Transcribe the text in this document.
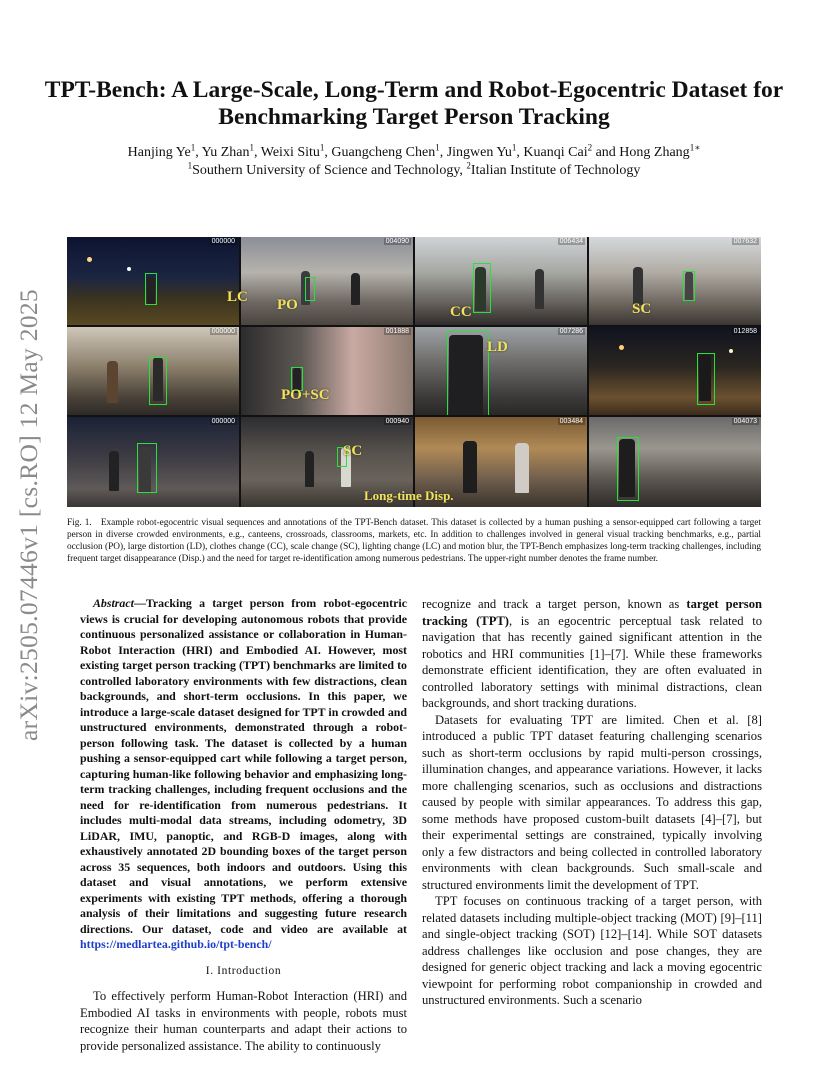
arXiv:2505.07446v1 [cs.RO] 12 May 2025
TPT-Bench: A Large-Scale, Long-Term and Robot-Egocentric Dataset for Benchmarking Target Person Tracking
Hanjing Ye$^1$, Yu Zhan$^1$, Weixi Situ$^1$, Guangcheng Chen$^1$, Jingwen Yu$^1$, Kuanqi Cai$^2$ and Hong Zhang$^{1∗}$
$^1$Southern University of Science and Technology, $^2$Italian Institute of Technology
000000	004090	006434	007632
000000	001888	007286	012858
000000	000940	003484	004073
LC PO	CC	SC
LD
PO+SC
SC
Long-time Disp.
Fig. 1. Example robot-egocentric visual sequences and annotations of the TPT-Bench dataset. This dataset is collected by a human pushing a sensor-equipped cart following a target person in diverse crowded environments, e.g., canteens, crossroads, classrooms, markets, etc. In addition to challenges involved in general visual tracking benchmarks, e.g., partial occlusion (PO), large distortion (LD), clothes change (CC), scale change (SC), lighting change (LC) and motion blur, the TPT-Bench emphasizes long-term tracking challenges, including frequent target disappearance (Disp.) and the need for target re-identification among numerous pedestrians. The upper-right number denotes the frame number.
Abstract—Tracking a target person from robot-egocentric views is crucial for developing autonomous robots that provide continuous personalized assistance or collaboration in Human-Robot Interaction (HRI) and Embodied AI. However, most existing target person tracking (TPT) benchmarks are limited to controlled laboratory environments with few distractions, clean backgrounds, and short-term occlusions. In this paper, we introduce a large-scale dataset designed for TPT in crowded and unstructured environments, demonstrated through a robot-person following task. The dataset is collected by a human pushing a sensor-equipped cart while following a target person, capturing human-like following behavior and emphasizing long-term tracking challenges, including frequent occlusions and the need for re-identification from numerous pedestrians. It includes multi-modal data streams, including odometry, 3D LiDAR, IMU, panoptic, and RGB-D images, along with exhaustively annotated 2D bounding boxes of the target person across 35 sequences, both indoors and outdoors. Using this dataset and visual annotations, we perform extensive experiments with existing TPT methods, offering a thorough analysis of their limitations and suggesting future research directions. Our dataset, code and video are available at https://medlartea.github.io/tpt-bench/
I. Introduction

To effectively perform Human-Robot Interaction (HRI) and Embodied AI tasks in environments with people, robots must recognize their human counterparts and adapt their actions to provide personalized assistance. The ability to continuously

recognize and track a target person, known as target person tracking (TPT), is an egocentric perceptual task related to navigation that has recently gained significant attention in the robotics and HRI communities [1]–[7]. While these frameworks demonstrate efficient identification, they are often evaluated in controlled laboratory settings with minimal distractions, clean backgrounds, and short tracking durations.

Datasets for evaluating TPT are limited. Chen et al. [8] introduced a public TPT dataset featuring challenging scenarios such as short-term occlusions by rapid multi-person crossings, illumination changes, and appearance variations. However, it lacks more challenging scenarios, such as occlusions and distractions caused by people with similar appearances. To address this gap, some methods have proposed custom-built datasets [4]–[7], but their experimental settings are constrained, typically involving only a few distractors and being collected in controlled laboratory environments with clean backgrounds. Such small-scale and structured environments limit the development of TPT.

TPT focuses on continuous tracking of a target person, with related datasets including multiple-object tracking (MOT) [9]–[11] and single-object tracking (SOT) [12]–[14]. While SOT datasets address challenges like occlusion and pose changes, they are designed for generic object tracking and lack a moving egocentric viewpoint for performing robot companionship in crowded and unstructured environments. Such a scenario
